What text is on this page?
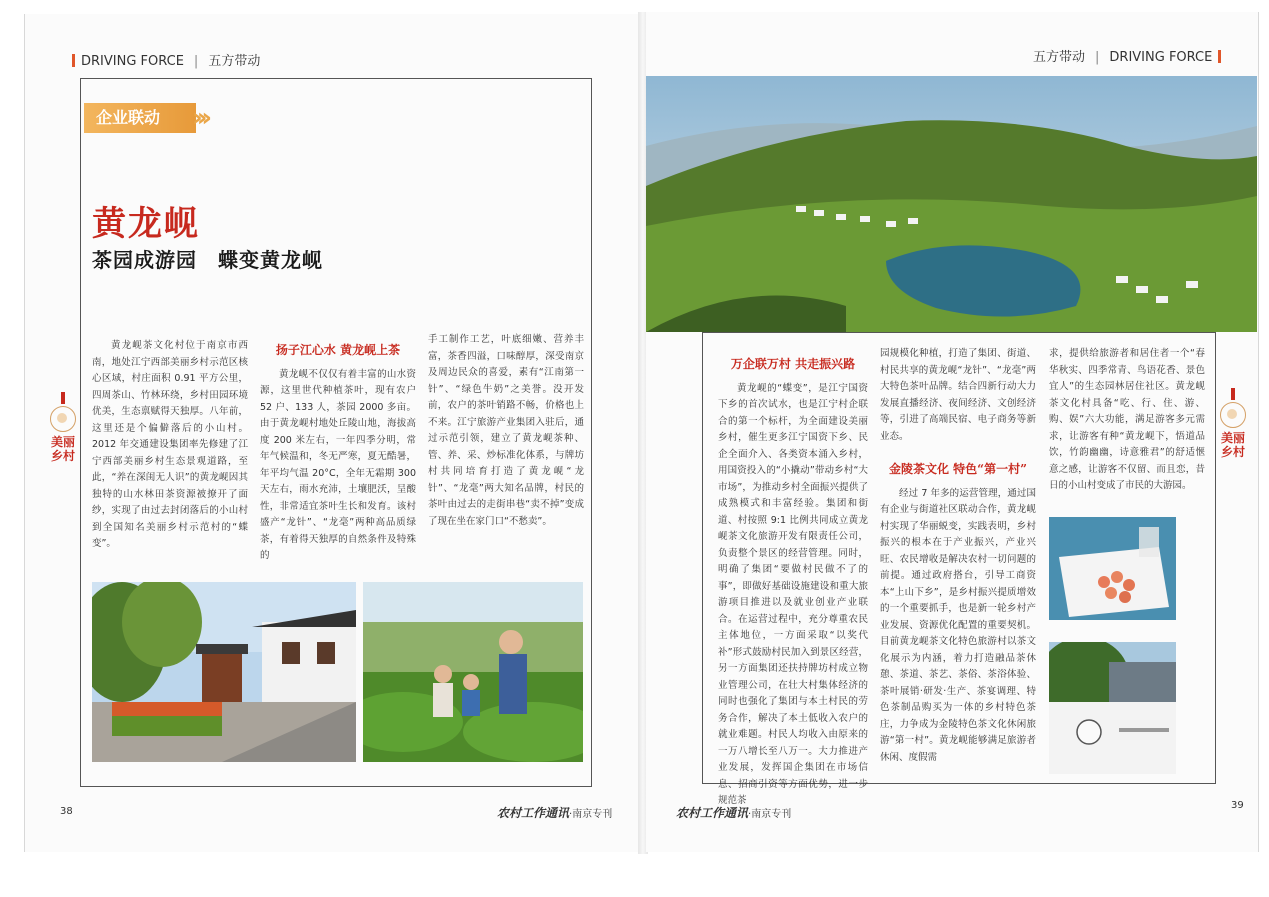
DRIVING FORCE | 五方带动
企业联动	›››
黄龙岘
茶园成游园　蝶变黄龙岘

黄龙岘茶文化村位于南京市西南，地处江宁西部美丽乡村示范区核心区域，村庄面积 0.91 平方公里，四周茶山、竹林环绕，乡村田园环境优美，生态禀赋得天独厚。八年前，这里还是个偏僻落后的小山村。2012 年交通建设集团率先修建了江宁西部美丽乡村生态景观道路，至此，“养在深闺无人识”的黄龙岘因其独特的山水林田茶资源被撩开了面纱，实现了由过去封闭落后的小山村到全国知名美丽乡村示范村的“蝶变”。

扬子江心水 黄龙岘上茶

黄龙岘不仅仅有着丰富的山水资源，这里世代种植茶叶，现有农户 52 户、133 人，茶园 2000 多亩。由于黄龙岘村地处丘陵山地，海拔高度 200 米左右，一年四季分明，常年气候温和，冬无严寒，夏无酷暑，年平均气温 20°C，全年无霜期 300 天左右，雨水充沛，土壤肥沃，呈酸性，非常适宜茶叶生长和发育。该村盛产“龙针”、“龙毫”两种高品质绿茶，有着得天独厚的自然条件及特殊的

手工制作工艺，叶底细嫩、营养丰富，茶香四溢，口味醇厚，深受南京及周边民众的喜爱，素有“江南第一针”、“绿色牛奶”之美誉。没开发前，农户的茶叶销路不畅，价格也上不来。江宁旅游产业集团入驻后，通过示范引领，建立了黄龙岘茶种、管、养、采、炒标准化体系，与牌坊村共同培育打造了黄龙岘“龙针”、“龙毫”两大知名品牌，村民的茶叶由过去的走街串巷“卖不掉”变成了现在坐在家门口“不愁卖”。

38	农村工作通讯·南京专刊
美丽
乡村
五方带动 | DRIVING FORCE
万企联万村 共走振兴路

黄龙岘的“蝶变”，是江宁国资下乡的首次试水，也是江宁村企联合的第一个标杆，为全面建设美丽乡村，催生更多江宁国资下乡、民企全面介入、各类资本涌入乡村，用国资投入的“小撬动”带动乡村“大市场”，为推动乡村全面振兴提供了成熟模式和丰富经验。集团和街道、村按照 9:1 比例共同成立黄龙岘茶文化旅游开发有限责任公司，负责整个景区的经营管理。同时，明确了集团“要做村民做不了的事”，即做好基础设施建设和重大旅游项目推进以及就业创业产业联合。在运营过程中，充分尊重农民主体地位，一方面采取“以奖代补”形式鼓励村民加入到景区经营，另一方面集团还扶持牌坊村成立物业管理公司，在壮大村集体经济的同时也强化了集团与本土村民的劳务合作，解决了本土低收入农户的就业难题。村民人均收入由原来的一万八增长至八万一。大力推进产业发展，发挥国企集团在市场信息、招商引资等方面优势，进一步规范茶

园规模化种植，打造了集团、街道、村民共享的黄龙岘“龙针”、“龙毫”两大特色茶叶品牌。结合四新行动大力发展直播经济、夜间经济、文创经济等，引进了高端民宿、电子商务等新业态。

金陵茶文化 特色“第一村”

经过 7 年多的运营管理，通过国有企业与街道社区联动合作，黄龙岘村实现了华丽蜕变，实践表明，乡村振兴的根本在于产业振兴，产业兴旺、农民增收是解决农村一切问题的前提。通过政府搭台，引导工商资本“上山下乡”，是乡村振兴提质增效的一个重要抓手，也是新一轮乡村产业发展、资源优化配置的重要契机。目前黄龙岘茶文化特色旅游村以茶文化展示为内涵，着力打造融品茶休憩、茶道、茶艺、茶俗、茶浴体验、茶叶展销·研发·生产、茶宴调理、特色茶制品购买为一体的乡村特色茶庄，力争成为金陵特色茶文化休闲旅游“第一村”。黄龙岘能够满足旅游者休闲、度假需

求，提供给旅游者和居住者一个“春华秋实、四季常青、鸟语花香、景色宜人”的生态园林居住社区。黄龙岘茶文化村具备“吃、行、住、游、购、娱”六大功能，满足游客多元需求，让游客有种“黄龙岘下，悟道品饮，竹韵幽幽，诗意雅君”的舒适惬意之感，让游客不仅留、而且恋，昔日的小山村变成了市民的大游园。

农村工作通讯·南京专刊
39
美丽
乡村
